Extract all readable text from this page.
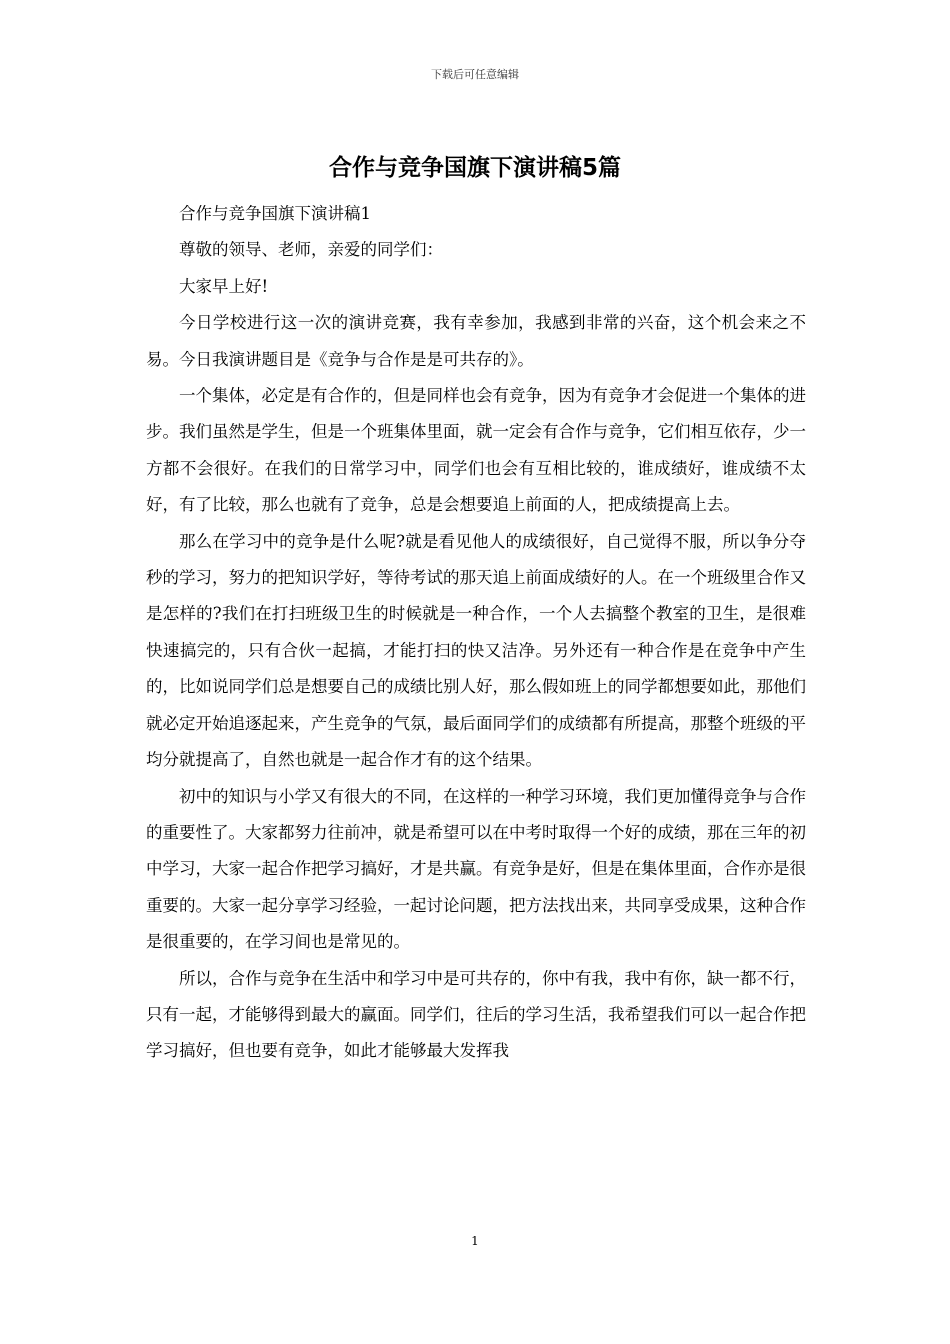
下载后可任意编辑
合作与竞争国旗下演讲稿5篇

合作与竞争国旗下演讲稿1

尊敬的领导、老师，亲爱的同学们：

大家早上好!

今日学校进行这一次的演讲竞赛，我有幸参加，我感到非常的兴奋，这个机会来之不易。今日我演讲题目是《竞争与合作是是可共存的》。

一个集体，必定是有合作的，但是同样也会有竞争，因为有竞争才会促进一个集体的进步。我们虽然是学生，但是一个班集体里面，就一定会有合作与竞争，它们相互依存，少一方都不会很好。在我们的日常学习中，同学们也会有互相比较的，谁成绩好，谁成绩不太好，有了比较，那么也就有了竞争，总是会想要追上前面的人，把成绩提高上去。

那么在学习中的竞争是什么呢?就是看见他人的成绩很好，自己觉得不服，所以争分夺秒的学习，努力的把知识学好，等待考试的那天追上前面成绩好的人。在一个班级里合作又是怎样的?我们在打扫班级卫生的时候就是一种合作，一个人去搞整个教室的卫生，是很难快速搞完的，只有合伙一起搞，才能打扫的快又洁净。另外还有一种合作是在竞争中产生的，比如说同学们总是想要自己的成绩比别人好，那么假如班上的同学都想要如此，那他们就必定开始追逐起来，产生竞争的气氛，最后面同学们的成绩都有所提高，那整个班级的平均分就提高了，自然也就是一起合作才有的这个结果。

初中的知识与小学又有很大的不同，在这样的一种学习环境，我们更加懂得竞争与合作的重要性了。大家都努力往前冲，就是希望可以在中考时取得一个好的成绩，那在三年的初中学习，大家一起合作把学习搞好，才是共赢。有竞争是好，但是在集体里面，合作亦是很重要的。大家一起分享学习经验，一起讨论问题，把方法找出来，共同享受成果，这种合作是很重要的，在学习间也是常见的。

所以，合作与竞争在生活中和学习中是可共存的，你中有我，我中有你，缺一都不行，只有一起，才能够得到最大的赢面。同学们，往后的学习生活，我希望我们可以一起合作把学习搞好，但也要有竞争，如此才能够最大发挥我

1
